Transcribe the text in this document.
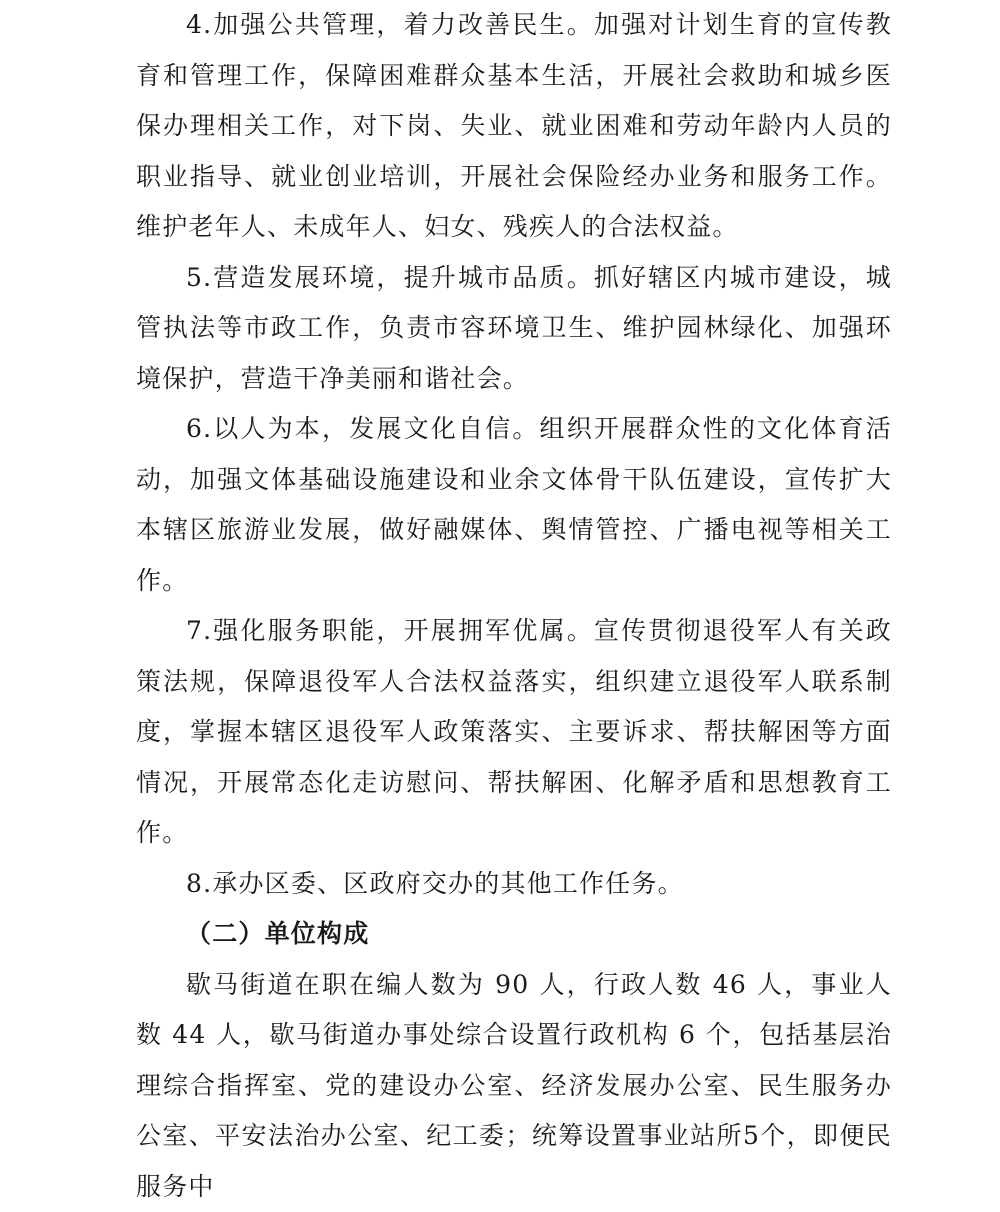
4.加强公共管理，着力改善民生。加强对计划生育的宣传教育和管理工作，保障困难群众基本生活，开展社会救助和城乡医保办理相关工作，对下岗、失业、就业困难和劳动年龄内人员的职业指导、就业创业培训，开展社会保险经办业务和服务工作。维护老年人、未成年人、妇女、残疾人的合法权益。

5.营造发展环境，提升城市品质。抓好辖区内城市建设，城管执法等市政工作，负责市容环境卫生、维护园林绿化、加强环境保护，营造干净美丽和谐社会。

6.以人为本，发展文化自信。组织开展群众性的文化体育活动，加强文体基础设施建设和业余文体骨干队伍建设，宣传扩大本辖区旅游业发展，做好融媒体、舆情管控、广播电视等相关工作。

7.强化服务职能，开展拥军优属。宣传贯彻退役军人有关政策法规，保障退役军人合法权益落实，组织建立退役军人联系制度，掌握本辖区退役军人政策落实、主要诉求、帮扶解困等方面情况，开展常态化走访慰问、帮扶解困、化解矛盾和思想教育工作。

8.承办区委、区政府交办的其他工作任务。

（二）单位构成

歇马街道在职在编人数为 90 人，行政人数 46 人，事业人数 44 人，歇马街道办事处综合设置行政机构 6 个，包括基层治理综合指挥室、党的建设办公室、经济发展办公室、民生服务办公室、平安法治办公室、纪工委；统筹设置事业站所5个，即便民服务中
